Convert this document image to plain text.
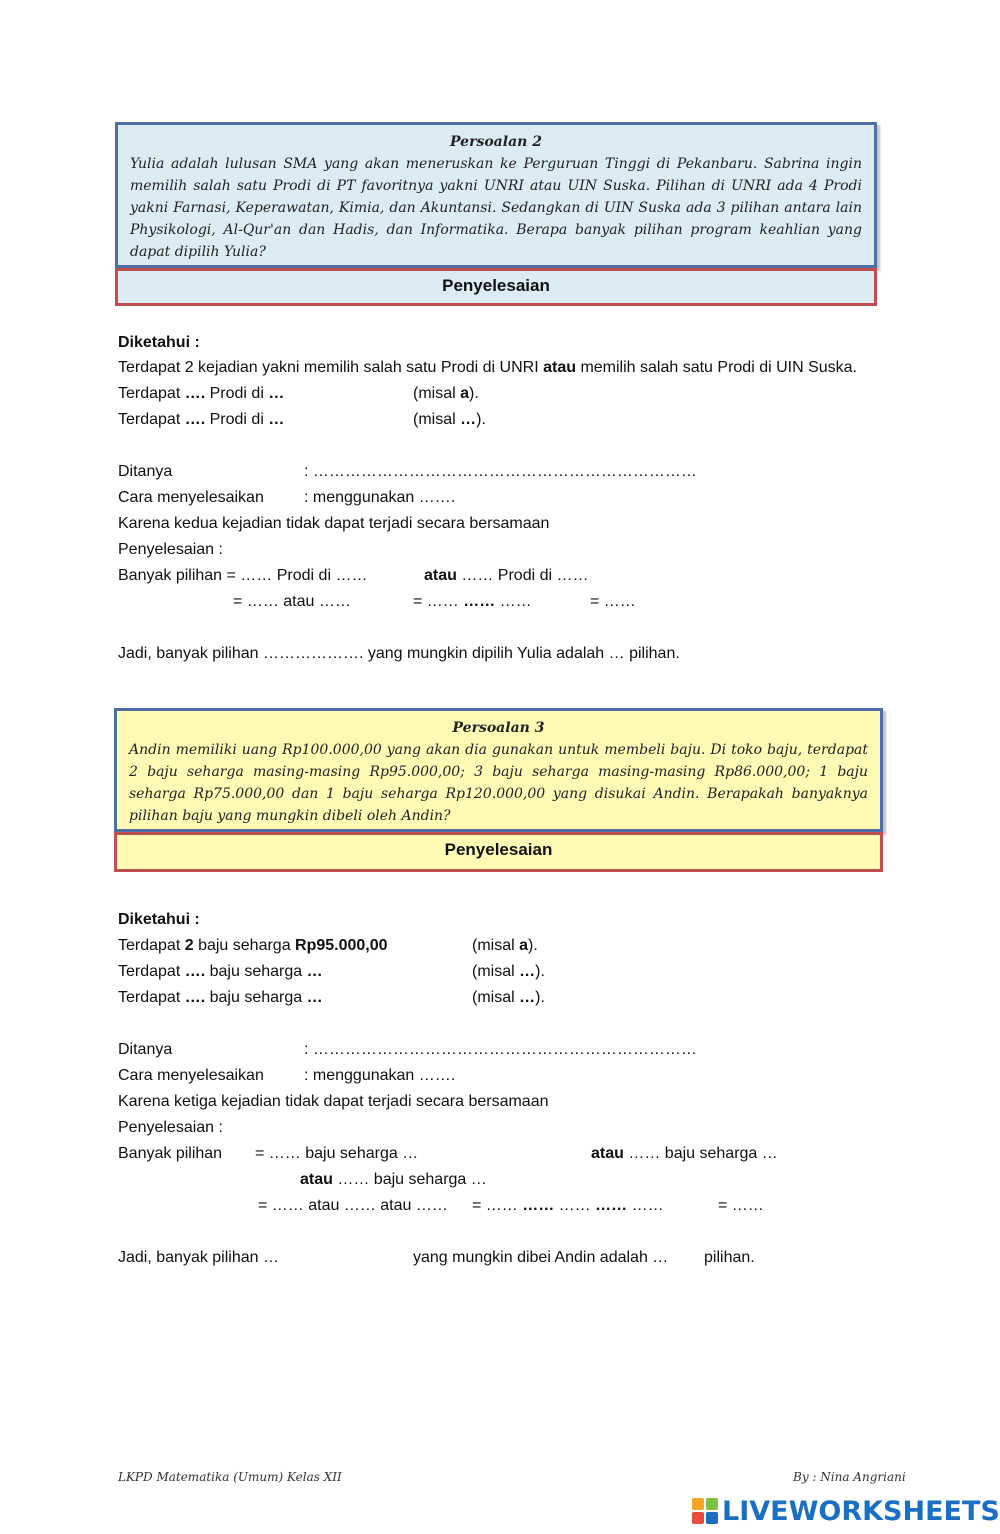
Persoalan 2
Yulia adalah lulusan SMA yang akan meneruskan ke Perguruan Tinggi di Pekanbaru. Sabrina ingin memilih salah satu Prodi di PT favoritnya yakni UNRI atau UIN Suska. Pilihan di UNRI ada 4 Prodi yakni Farnasi, Keperawatan, Kimia, dan Akuntansi. Sedangkan di UIN Suska ada 3 pilihan antara lain Physikologi, Al-Qur'an dan Hadis, dan Informatika. Berapa banyak pilihan program keahlian yang dapat dipilih Yulia?
Penyelesaian
Diketahui :
Terdapat 2 kejadian yakni memilih salah satu Prodi di UNRI atau memilih salah satu Prodi di UIN Suska.
Terdapat …. Prodi di …	(misal a).
Terdapat …. Prodi di …	(misal …).
Ditanya	: ………………………………………………………………
Cara menyelesaikan	: menggunakan …….
Karena kedua kejadian tidak dapat terjadi secara bersamaan
Penyelesaian :
Banyak pilihan = …… Prodi di ……	atau …… Prodi di ……
= …… atau ……	= …… …… ……	= ……
Jadi, banyak pilihan ………………. yang mungkin dipilih Yulia adalah … pilihan.
Persoalan 3
Andin memiliki uang Rp100.000,00 yang akan dia gunakan untuk membeli baju. Di toko baju, terdapat 2 baju seharga masing-masing Rp95.000,00; 3 baju seharga masing-masing Rp86.000,00; 1 baju seharga Rp75.000,00 dan 1 baju seharga Rp120.000,00 yang disukai Andin. Berapakah banyaknya pilihan baju yang mungkin dibeli oleh Andin?
Penyelesaian
Diketahui :
Terdapat 2 baju seharga Rp95.000,00	(misal a).
Terdapat …. baju seharga …	(misal …).
Terdapat …. baju seharga …	(misal …).
Ditanya	: ………………………………………………………………
Cara menyelesaikan	: menggunakan …….
Karena ketiga kejadian tidak dapat terjadi secara bersamaan
Penyelesaian :
Banyak pilihan = …… baju seharga …	atau …… baju seharga …
atau …… baju seharga …
= …… atau …… atau …… = …… …… …… …… ……	= ……
Jadi, banyak pilihan …	yang mungkin dibei Andin adalah … pilihan.
LKPD Matematika (Umum) Kelas XII	By : Nina Angriani
LIVEWORKSHEETS
